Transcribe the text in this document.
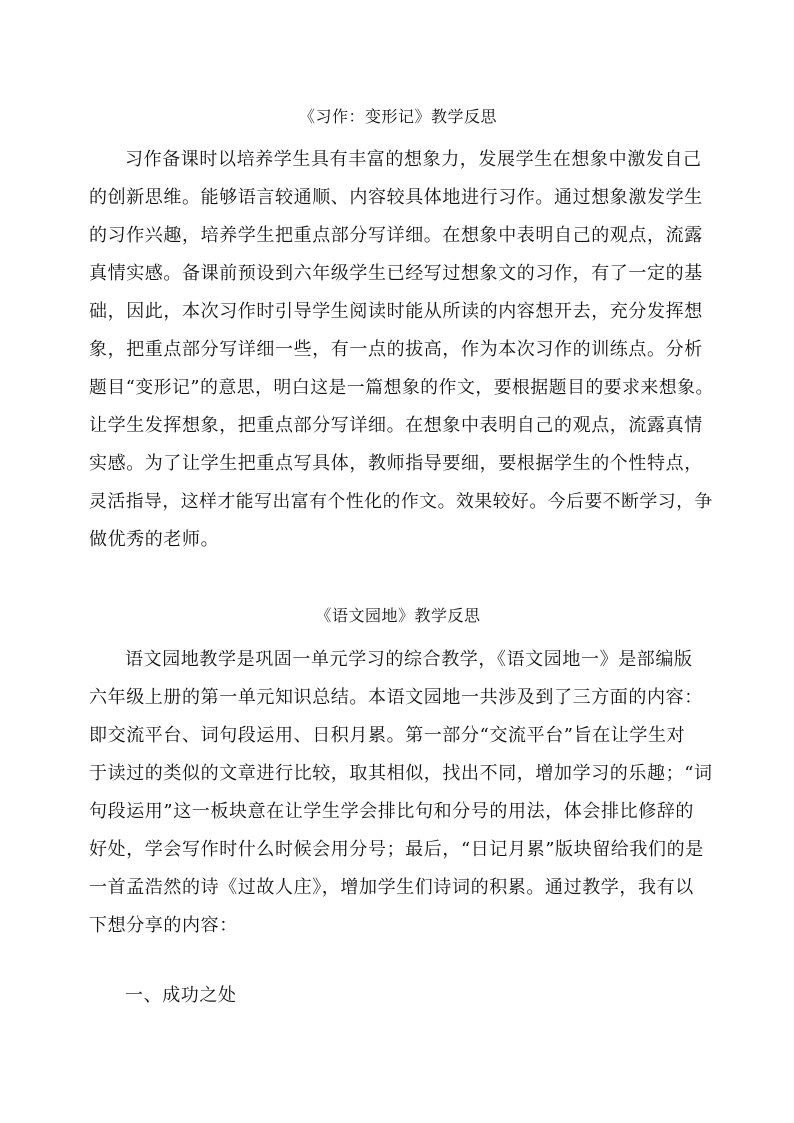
《习作：变形记》教学反思
习作备课时以培养学生具有丰富的想象力，发展学生在想象中激发自己
的创新思维。能够语言较通顺、内容较具体地进行习作。通过想象激发学生
的习作兴趣，培养学生把重点部分写详细。在想象中表明自己的观点，流露
真情实感。备课前预设到六年级学生已经写过想象文的习作，有了一定的基
础，因此，本次习作时引导学生阅读时能从所读的内容想开去，充分发挥想
象，把重点部分写详细一些，有一点的拔高，作为本次习作的训练点。分析
题目“变形记”的意思，明白这是一篇想象的作文，要根据题目的要求来想象。
让学生发挥想象，把重点部分写详细。在想象中表明自己的观点，流露真情
实感。为了让学生把重点写具体，教师指导要细，要根据学生的个性特点，
灵活指导，这样才能写出富有个性化的作文。效果较好。今后要不断学习，争
做优秀的老师。
《语文园地》教学反思
语文园地教学是巩固一单元学习的综合教学，《语文园地一》是部编版
六年级上册的第一单元知识总结。本语文园地一共涉及到了三方面的内容：
即交流平台、词句段运用、日积月累。第一部分“交流平台”旨在让学生对
于读过的类似的文章进行比较，取其相似，找出不同，增加学习的乐趣；“词
句段运用”这一板块意在让学生学会排比句和分号的用法，体会排比修辞的
好处，学会写作时什么时候会用分号；最后，“日记月累”版块留给我们的是
一首孟浩然的诗《过故人庄》，增加学生们诗词的积累。通过教学，我有以
下想分享的内容：
一、成功之处
